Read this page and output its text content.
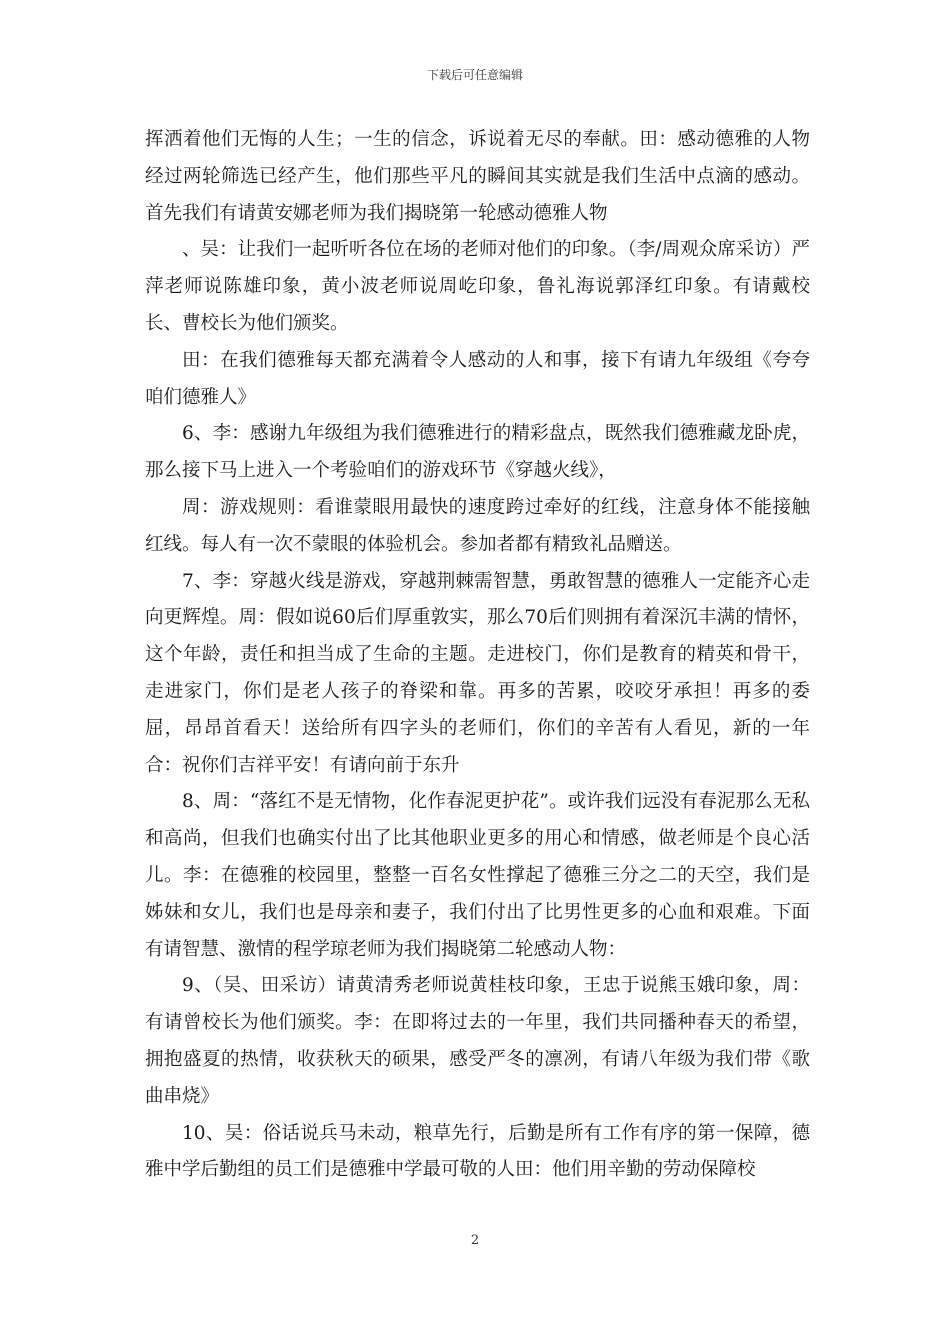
下载后可任意编辑

挥洒着他们无悔的人生；一生的信念，诉说着无尽的奉献。田：感动德雅的人物经过两轮筛选已经产生，他们那些平凡的瞬间其实就是我们生活中点滴的感动。首先我们有请黄安娜老师为我们揭晓第一轮感动德雅人物

、吴：让我们一起听听各位在场的老师对他们的印象。（李/周观众席采访）严萍老师说陈雄印象，黄小波老师说周屹印象，鲁礼海说郭泽红印象。有请戴校长、曹校长为他们颁奖。

田：在我们德雅每天都充满着令人感动的人和事，接下有请九年级组《夸夸咱们德雅人》

6、李：感谢九年级组为我们德雅进行的精彩盘点，既然我们德雅藏龙卧虎，那么接下马上进入一个考验咱们的游戏环节《穿越火线》，

周：游戏规则：看谁蒙眼用最快的速度跨过牵好的红线，注意身体不能接触红线。每人有一次不蒙眼的体验机会。参加者都有精致礼品赠送。

7、李：穿越火线是游戏，穿越荆棘需智慧，勇敢智慧的德雅人一定能齐心走向更辉煌。周：假如说60后们厚重敦实，那么70后们则拥有着深沉丰满的情怀，这个年龄，责任和担当成了生命的主题。走进校门，你们是教育的精英和骨干，走进家门，你们是老人孩子的脊梁和靠。再多的苦累，咬咬牙承担！再多的委屈，昂昂首看天！送给所有四字头的老师们，你们的辛苦有人看见，新的一年合：祝你们吉祥平安！有请向前于东升

8、周：“落红不是无情物，化作春泥更护花”。或许我们远没有春泥那么无私和高尚，但我们也确实付出了比其他职业更多的用心和情感，做老师是个良心活儿。李：在德雅的校园里，整整一百名女性撑起了德雅三分之二的天空，我们是姊妹和女儿，我们也是母亲和妻子，我们付出了比男性更多的心血和艰难。下面有请智慧、激情的程学琼老师为我们揭晓第二轮感动人物：

9、（吴、田采访）请黄清秀老师说黄桂枝印象，王忠于说熊玉娥印象，周：有请曾校长为他们颁奖。李：在即将过去的一年里，我们共同播种春天的希望，拥抱盛夏的热情，收获秋天的硕果，感受严冬的凛冽，有请八年级为我们带《歌曲串烧》

10、吴：俗话说兵马未动，粮草先行，后勤是所有工作有序的第一保障，德雅中学后勤组的员工们是德雅中学最可敬的人田：他们用辛勤的劳动保障校

2
